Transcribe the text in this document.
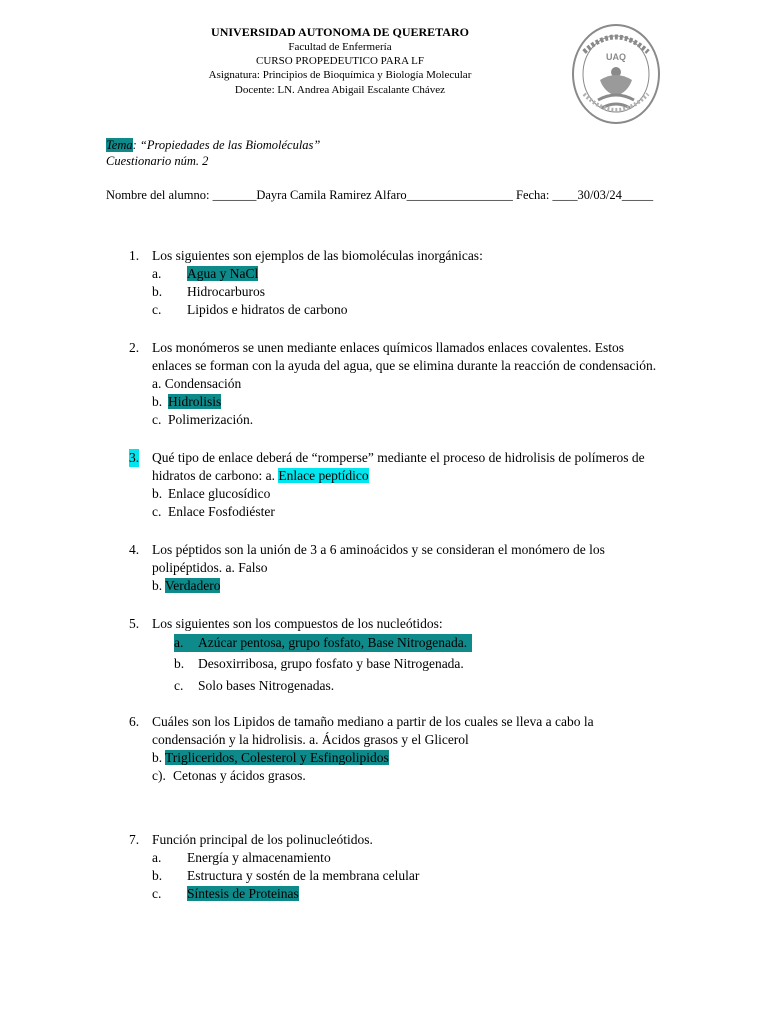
UNIVERSIDAD AUTONOMA DE QUERETARO
Facultad de Enfermería
CURSO PROPEDEUTICO PARA LF
Asignatura: Principios de Bioquímica y Biología Molecular
Docente: LN. Andrea Abigail Escalante Chávez
UAQ
Tema: “Propiedades de las Biomoléculas”
Cuestionario núm. 2
Nombre del alumno: _______Dayra Camila Ramirez Alfaro_________________ Fecha: ____30/03/24_____
1. Los siguientes son ejemplos de las biomoléculas inorgánicas:
a. Agua y NaCl
b. Hidrocarburos
c. Lipidos e hidratos de carbono
2. Los monómeros se unen mediante enlaces químicos llamados enlaces covalentes. Estos enlaces se forman con la ayuda del agua, que se elimina durante la reacción de condensación. a. Condensación
b. Hidrolisis
c. Polimerización.
3. Qué tipo de enlace deberá de “romperse” mediante el proceso de hidrolisis de polímeros de hidratos de carbono: a. Enlace peptídico
b. Enlace glucosídico
c. Enlace Fosfodiéster
4. Los péptidos son la unión de 3 a 6 aminoácidos y se consideran el monómero de los polipéptidos. a. Falso
b. Verdadero
5. Los siguientes son los compuestos de los nucleótidos:
a. Azúcar pentosa, grupo fosfato, Base Nitrogenada.
b. Desoxirribosa, grupo fosfato y base Nitrogenada.
c. Solo bases Nitrogenadas.
6. Cuáles son los Lipidos de tamaño mediano a partir de los cuales se lleva a cabo la condensación y la hidrolisis. a. Ácidos grasos y el Glicerol
b. Trigliceridos, Colesterol y Esfingolipidos
c). Cetonas y ácidos grasos.
7. Función principal de los polinucleótidos.
a. Energía y almacenamiento
b. Estructura y sostén de la membrana celular
c. Síntesis de Proteinas
